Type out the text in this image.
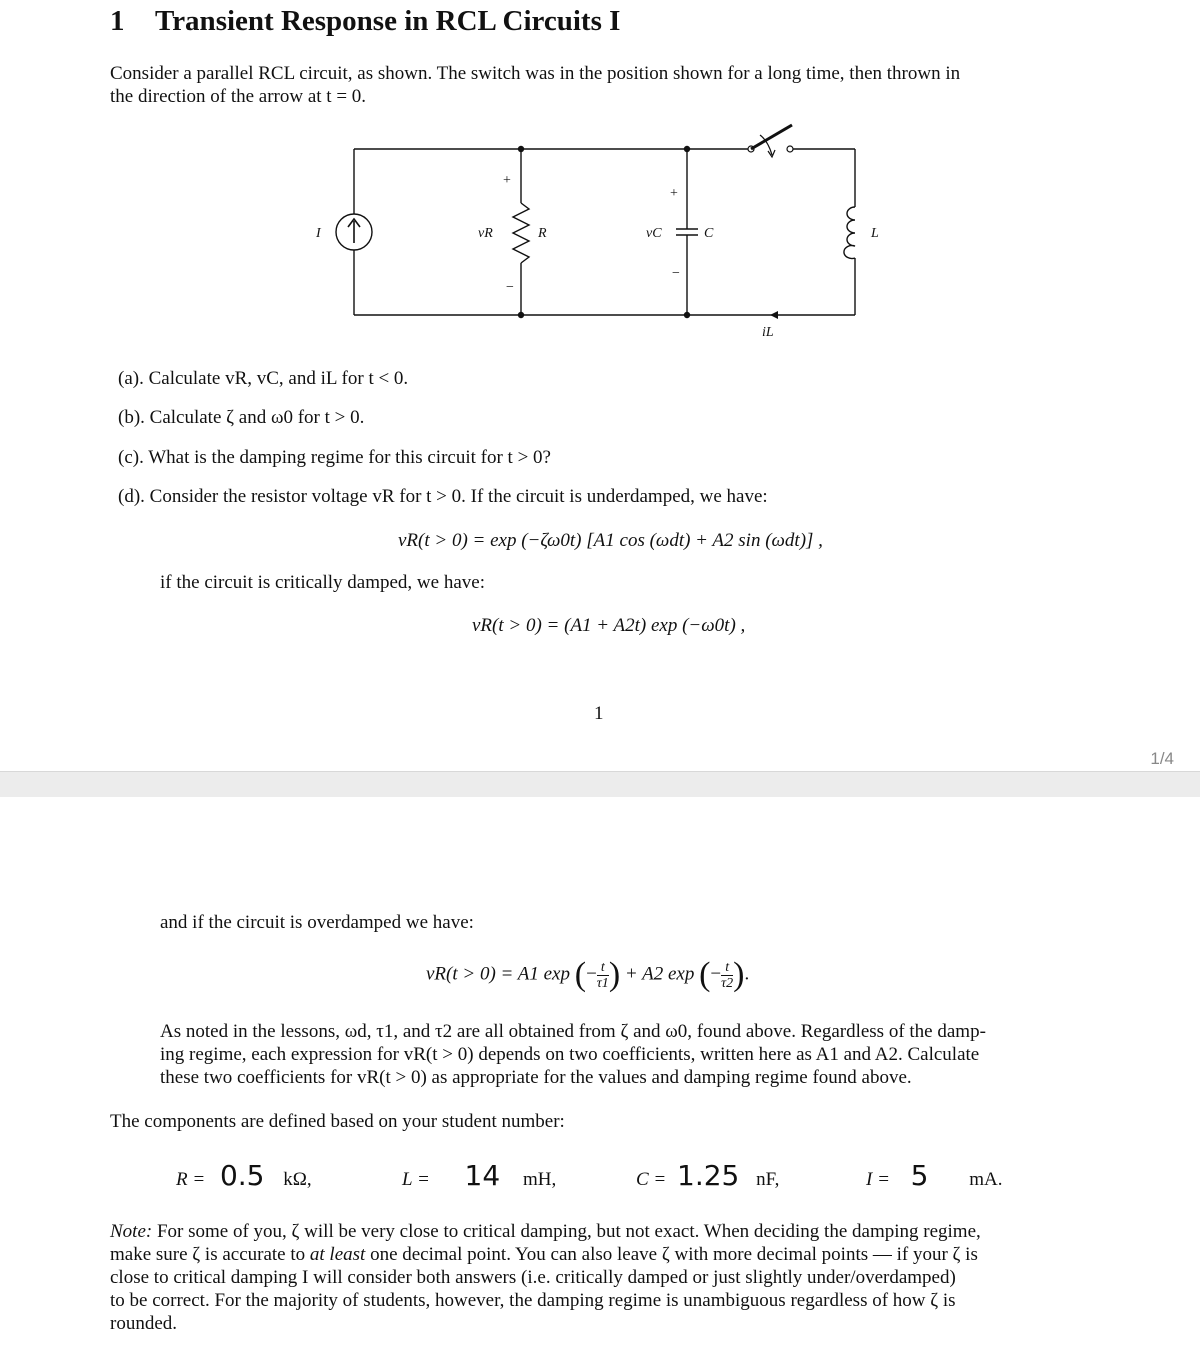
1 Transient Response in RCL Circuits I
Consider a parallel RCL circuit, as shown. The switch was in the position shown for a long time, then thrown in
the direction of the arrow at t = 0.
I
+
−
vR	R
+
−
vC	C	L
iL
(a). Calculate vR, vC, and iL for t < 0.
(b). Calculate ζ and ω0 for t > 0.
(c). What is the damping regime for this circuit for t > 0?
(d). Consider the resistor voltage vR for t > 0. If the circuit is underdamped, we have:
vR(t > 0) = exp (−ζω0t) [A1 cos (ωdt) + A2 sin (ωdt)] ,
if the circuit is critically damped, we have:
vR(t > 0) = (A1 + A2t) exp (−ω0t) ,
1
1/4
and if the circuit is overdamped we have:
vR(t > 0) = A1 exp (− $\frac{t}{\tau 1}$ ) + A2 exp (− $\frac{t}{\tau 2}$ ).
As noted in the lessons, ωd, τ1, and τ2 are all obtained from ζ and ω0, found above. Regardless of the damp-
ing regime, each expression for vR(t > 0) depends on two coefficients, written here as A1 and A2. Calculate
these two coefficients for vR(t > 0) as appropriate for the values and damping regime found above.
The components are defined based on your student number:
R = 0.5 kΩ,	L = 14 mH,	C = 1.25 nF,	I = 5 mA.
Note: For some of you, ζ will be very close to critical damping, but not exact. When deciding the damping regime,
make sure ζ is accurate to at least one decimal point. You can also leave ζ with more decimal points — if your ζ is
close to critical damping I will consider both answers (i.e. critically damped or just slightly under/overdamped)
to be correct. For the majority of students, however, the damping regime is unambiguous regardless of how ζ is
rounded.
